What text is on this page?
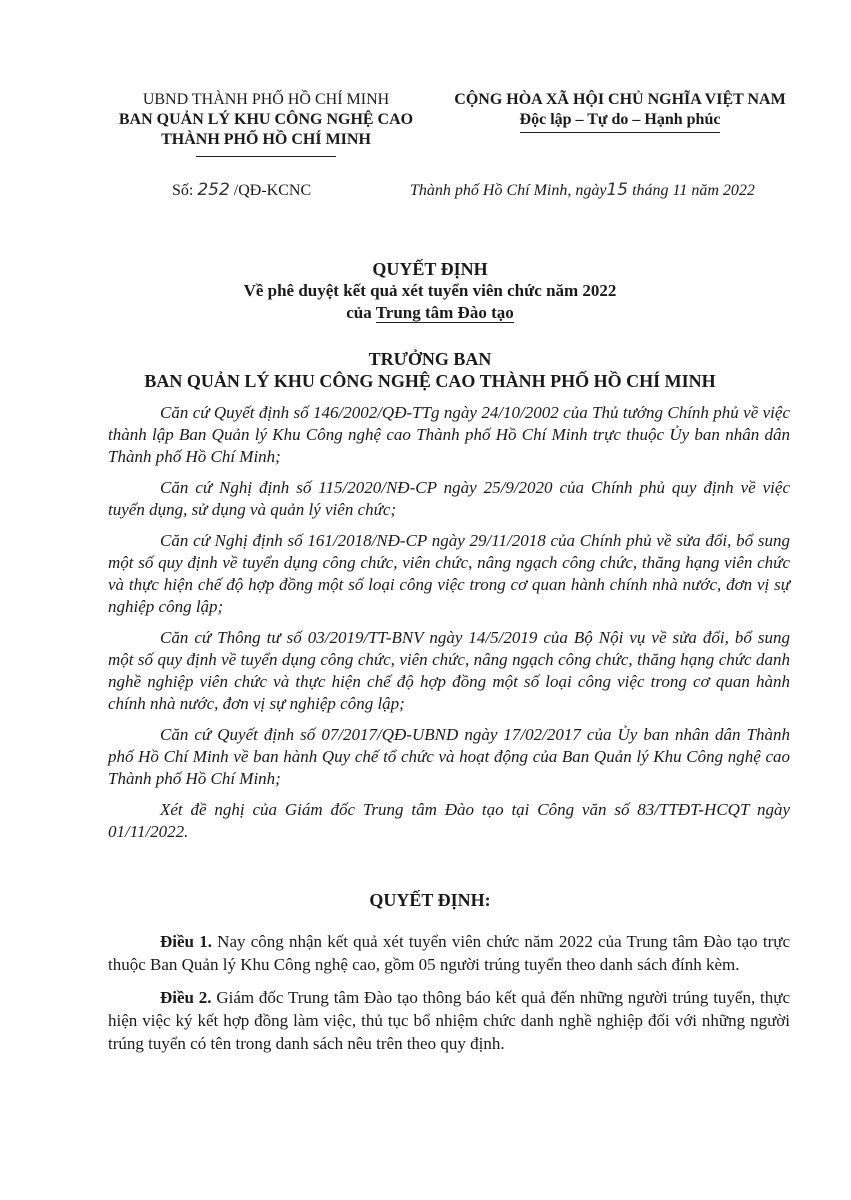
UBND THÀNH PHỐ HỒ CHÍ MINH
BAN QUẢN LÝ KHU CÔNG NGHỆ CAO
THÀNH PHỐ HỒ CHÍ MINH
CỘNG HÒA XÃ HỘI CHỦ NGHĨA VIỆT NAM
Độc lập – Tự do – Hạnh phúc
Số: 252 /QĐ-KCNC	Thành phố Hồ Chí Minh, ngày15 tháng 11 năm 2022
QUYẾT ĐỊNH
Về phê duyệt kết quả xét tuyển viên chức năm 2022
của Trung tâm Đào tạo
TRƯỞNG BAN
BAN QUẢN LÝ KHU CÔNG NGHỆ CAO THÀNH PHỐ HỒ CHÍ MINH

Căn cứ Quyết định số 146/2002/QĐ-TTg ngày 24/10/2002 của Thủ tướng Chính phủ về việc thành lập Ban Quản lý Khu Công nghệ cao Thành phố Hồ Chí Minh trực thuộc Ủy ban nhân dân Thành phố Hồ Chí Minh;

Căn cứ Nghị định số 115/2020/NĐ-CP ngày 25/9/2020 của Chính phủ quy định về việc tuyển dụng, sử dụng và quản lý viên chức;

Căn cứ Nghị định số 161/2018/NĐ-CP ngày 29/11/2018 của Chính phủ về sửa đổi, bổ sung một số quy định về tuyển dụng công chức, viên chức, nâng ngạch công chức, thăng hạng viên chức và thực hiện chế độ hợp đồng một số loại công việc trong cơ quan hành chính nhà nước, đơn vị sự nghiệp công lập;

Căn cứ Thông tư số 03/2019/TT-BNV ngày 14/5/2019 của Bộ Nội vụ về sửa đổi, bổ sung một số quy định về tuyển dụng công chức, viên chức, nâng ngạch công chức, thăng hạng chức danh nghề nghiệp viên chức và thực hiện chế độ hợp đồng một số loại công việc trong cơ quan hành chính nhà nước, đơn vị sự nghiệp công lập;

Căn cứ Quyết định số 07/2017/QĐ-UBND ngày 17/02/2017 của Ủy ban nhân dân Thành phố Hồ Chí Minh về ban hành Quy chế tổ chức và hoạt động của Ban Quản lý Khu Công nghệ cao Thành phố Hồ Chí Minh;

Xét đề nghị của Giám đốc Trung tâm Đào tạo tại Công văn số 83/TTĐT-HCQT ngày 01/11/2022.

QUYẾT ĐỊNH:

Điều 1. Nay công nhận kết quả xét tuyển viên chức năm 2022 của Trung tâm Đào tạo trực thuộc Ban Quản lý Khu Công nghệ cao, gồm 05 người trúng tuyển theo danh sách đính kèm.

Điều 2. Giám đốc Trung tâm Đào tạo thông báo kết quả đến những người trúng tuyển, thực hiện việc ký kết hợp đồng làm việc, thủ tục bổ nhiệm chức danh nghề nghiệp đối với những người trúng tuyển có tên trong danh sách nêu trên theo quy định.
